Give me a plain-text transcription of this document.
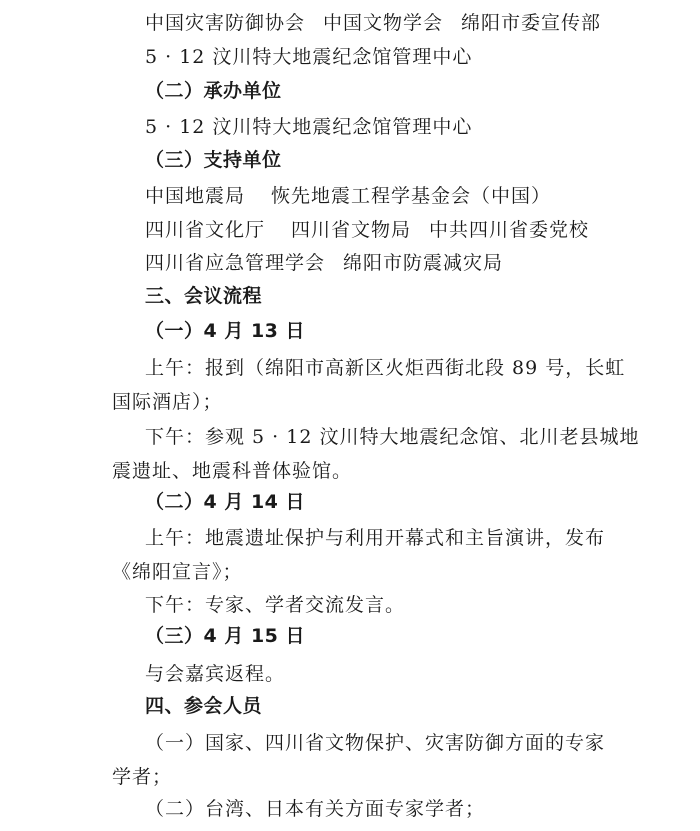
中国灾害防御协会 中国文物学会 绵阳市委宣传部
5 · 12 汶川特大地震纪念馆管理中心
（二）承办单位
5 · 12 汶川特大地震纪念馆管理中心
（三）支持单位
中国地震局 恢先地震工程学基金会（中国）
四川省文化厅 四川省文物局 中共四川省委党校
四川省应急管理学会 绵阳市防震减灾局
三、会议流程
（一）4 月 13 日
上午：报到（绵阳市高新区火炬西街北段 89 号，长虹
国际酒店）；
下午：参观 5 · 12 汶川特大地震纪念馆、北川老县城地
震遗址、地震科普体验馆。
（二）4 月 14 日
上午：地震遗址保护与利用开幕式和主旨演讲，发布
《绵阳宣言》；
下午：专家、学者交流发言。
（三）4 月 15 日
与会嘉宾返程。
四、参会人员
（一）国家、四川省文物保护、灾害防御方面的专家
学者；
（二）台湾、日本有关方面专家学者；
